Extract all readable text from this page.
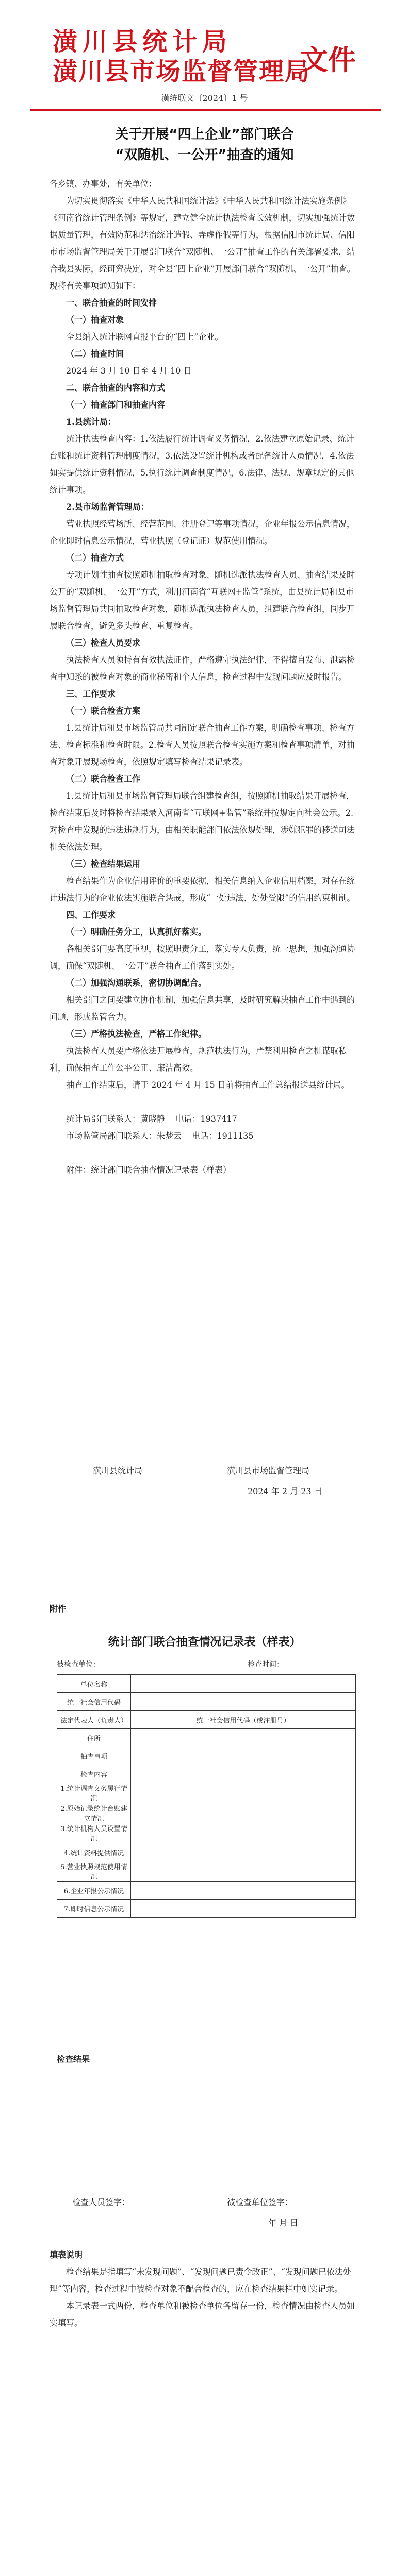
潢川县统计局
潢川县市场监督管理局
文件
潢统联文〔2024〕1 号
关于开展“四上企业”部门联合
“双随机、一公开”抽查的通知

各乡镇、办事处，有关单位：

为切实贯彻落实《中华人民共和国统计法》《中华人民共和国统计法实施条例》《河南省统计管理条例》等规定，建立健全统计执法检查长效机制，切实加强统计数据质量管理，有效防范和惩治统计造假、弄虚作假等行为，根据信阳市统计局、信阳市市场监督管理局关于开展部门联合“双随机、一公开”抽查工作的有关部署要求，结合我县实际，经研究决定，对全县“四上企业”开展部门联合“双随机、一公开”抽查。现将有关事项通知如下：

一、联合抽查的时间安排

（一）抽查对象

全县纳入统计联网直报平台的“四上”企业。

（二）抽查时间

2024 年 3 月 10 日至 4 月 10 日

二、联合抽查的内容和方式

（一）抽查部门和抽查内容

1.县统计局：

统计执法检查内容：1.依法履行统计调查义务情况，2.依法建立原始记录、统计台账和统计资料管理制度情况，3.依法设置统计机构或者配备统计人员情况，4.依法如实提供统计资料情况，5.执行统计调查制度情况，6.法律、法规、规章规定的其他统计事项。

2.县市场监督管理局：

营业执照经营场所、经营范围、注册登记等事项情况，企业年报公示信息情况，企业即时信息公示情况，营业执照（登记证）规范使用情况。

（二）抽查方式

专项计划性抽查按照随机抽取检查对象、随机选派执法检查人员、抽查结果及时公开的“双随机、一公开”方式，利用河南省“互联网+监管”系统，由县统计局和县市场监督管理局共同抽取检查对象，随机选派执法检查人员，组建联合检查组，同步开展联合检查，避免多头检查、重复检查。

（三）检查人员要求

执法检查人员须持有有效执法证件，严格遵守执法纪律，不得擅自发布、泄露检查中知悉的被检查对象的商业秘密和个人信息，检查过程中发现问题应及时报告。

三、工作要求

（一）联合检查方案

1.县统计局和县市场监管局共同制定联合抽查工作方案，明确检查事项、检查方法、检查标准和检查时限。2.检查人员按照联合检查实施方案和检查事项清单，对抽查对象开展现场检查，依照规定填写检查结果记录表。

（二）联合检查工作

1.县统计局和县市场监督管理局联合组建检查组，按照随机抽取结果开展检查，检查结束后及时将检查结果录入河南省“互联网+监管”系统并按规定向社会公示。2.对检查中发现的违法违规行为，由相关职能部门依法依规处理，涉嫌犯罪的移送司法机关依法处理。

（三）检查结果运用

检查结果作为企业信用评价的重要依据，相关信息纳入企业信用档案，对存在统计违法行为的企业依法实施联合惩戒，形成“一处违法、处处受限”的信用约束机制。

四、工作要求

（一）明确任务分工，认真抓好落实。

各相关部门要高度重视，按照职责分工，落实专人负责，统一思想，加强沟通协调，确保“双随机、一公开”联合抽查工作落到实处。

（二）加强沟通联系，密切协调配合。

相关部门之间要建立协作机制，加强信息共享，及时研究解决抽查工作中遇到的问题，形成监管合力。

（三）严格执法检查，严格工作纪律。

执法检查人员要严格依法开展检查，规范执法行为，严禁利用检查之机谋取私利，确保抽查工作公平公正、廉洁高效。

抽查工作结束后，请于 2024 年 4 月 15 日前将抽查工作总结报送县统计局。

统计局部门联系人：黄晓静 电话：1937417

市场监管局部门联系人：朱梦云 电话：1911135

附件：统计部门联合抽查情况记录表（样表）

潢川县统计局	潢川县市场监督管理局
2024 年 2 月 23 日
附件
统计部门联合抽查情况记录表（样表）
被检查单位：	检查时间：
单位名称			
统一社会信用代码			
法定代表人（负责人）		统一社会信用代码（或注册号）	
住所			
抽查事项			
检查内容			
1.统计调查义务履行情况			
2.原始记录统计台账建立情况			
3.统计机构人员设置情况			
4.统计资料提供情况			
5.营业执照规范使用情况			
6.企业年报公示情况			
7.即时信息公示情况			

检查结果

检查人员签字：	被检查单位签字：
年 月 日

填表说明

检查结果是指填写“未发现问题”、“发现问题已责令改正”、“发现问题已依法处理”等内容，检查过程中被检查对象不配合检查的，应在检查结果栏中如实记录。

本记录表一式两份，检查单位和被检查单位各留存一份，检查情况由检查人员如实填写。
